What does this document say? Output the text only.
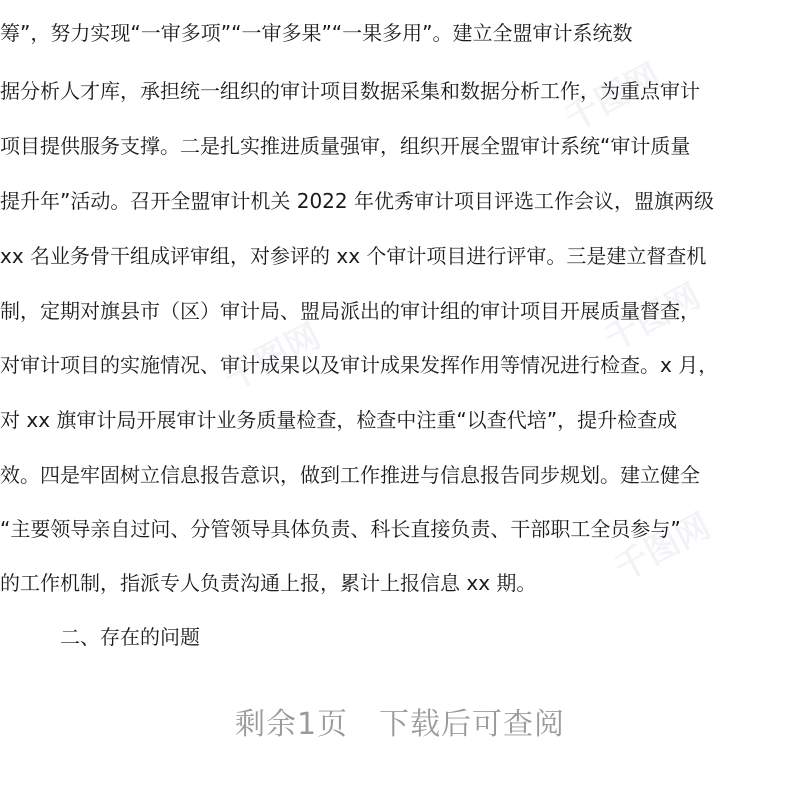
千图网
千图网
千图网
千图网
筹”，努力实现“一审多项”“一审多果”“一果多用”。建立全盟审计系统数
据分析人才库，承担统一组织的审计项目数据采集和数据分析工作，为重点审计
项目提供服务支撑。二是扎实推进质量强审，组织开展全盟审计系统“审计质量
提升年”活动。召开全盟审计机关 2022 年优秀审计项目评选工作会议，盟旗两级
xx 名业务骨干组成评审组，对参评的 xx 个审计项目进行评审。三是建立督查机
制，定期对旗县市（区）审计局、盟局派出的审计组的审计项目开展质量督查，
对审计项目的实施情况、审计成果以及审计成果发挥作用等情况进行检查。x 月，
对 xx 旗审计局开展审计业务质量检查，检查中注重“以查代培”，提升检查成
效。四是牢固树立信息报告意识，做到工作推进与信息报告同步规划。建立健全
“主要领导亲自过问、分管领导具体负责、科长直接负责、干部职工全员参与”
的工作机制，指派专人负责沟通上报，累计上报信息 xx 期。
二、存在的问题
剩余1页　下载后可查阅
